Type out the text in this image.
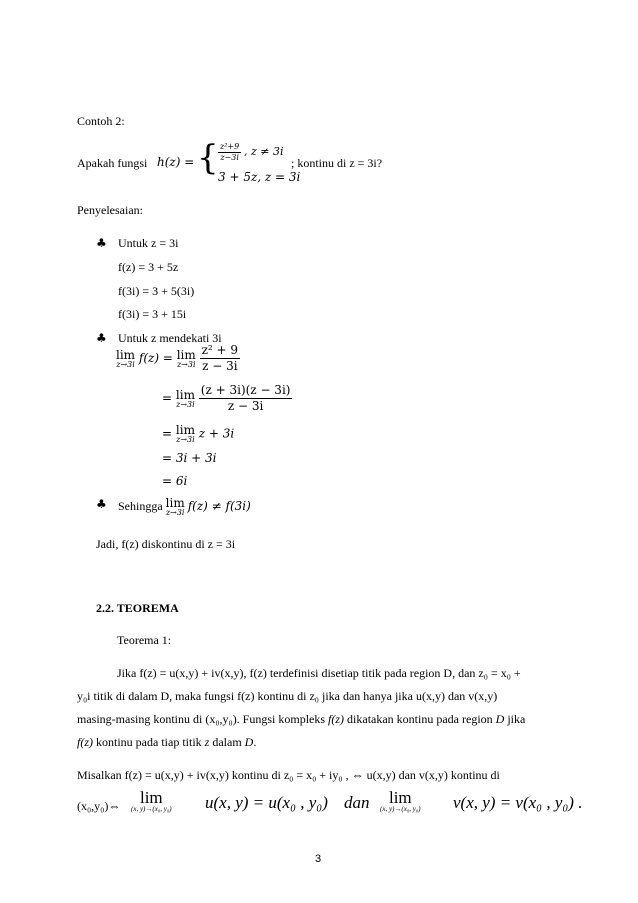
Contoh 2:
Apakah fungsi h(z) = { $\frac{\text{z²+9}}{z-3i}$ , z ≠ 3i
3 + 5z, z = 3i
; kontinu di z = 3i?
Penyelesaian:
♣ Untuk z = 3i
f(z) = 3 + 5z
f(3i) = 3 + 5(3i)
f(3i) = 3 + 15i
♣ Untuk z mendekati 3i
lim
z→3i f(z) = lim
z→3i
$\frac{\text{z² + 9}}{z - 3i}$
= lim
z→3i
$\frac{(z + 3i)(z - 3i)}{z - 3i}$
= lim
z→3i z + 3i
= 3i + 3i
= 6i
♣ Sehingga lim
z→3i f(z) ≠ f(3i)
Jadi, f(z) diskontinu di z = 3i
2.2. TEOREMA
Teorema 1:
Jika f(z) = u(x,y) + iv(x,y), f(z) terdefinisi disetiap titik pada region D, dan z₀ = x₀ +
y₀i titik di dalam D, maka fungsi f(z) kontinu di z₀ jika dan hanya jika u(x,y) dan v(x,y)
masing-masing kontinu di (x₀,y₀). Fungsi kompleks f(z) dikatakan kontinu pada region D jika
f(z) kontinu pada tiap titik z dalam D.
Misalkan f(z) = u(x,y) + iv(x,y) kontinu di z₀ = x₀ + iy₀ , ⇔ u(x,y) dan v(x,y) kontinu di
(x₀,y₀)⇔	lim
(x, y)→(x₀, y₀) u(x, y) = u(x₀ , y₀) dan	lim
(x, y)→(x₀, y₀) v(x, y) = v(x₀ , y₀) .
3
